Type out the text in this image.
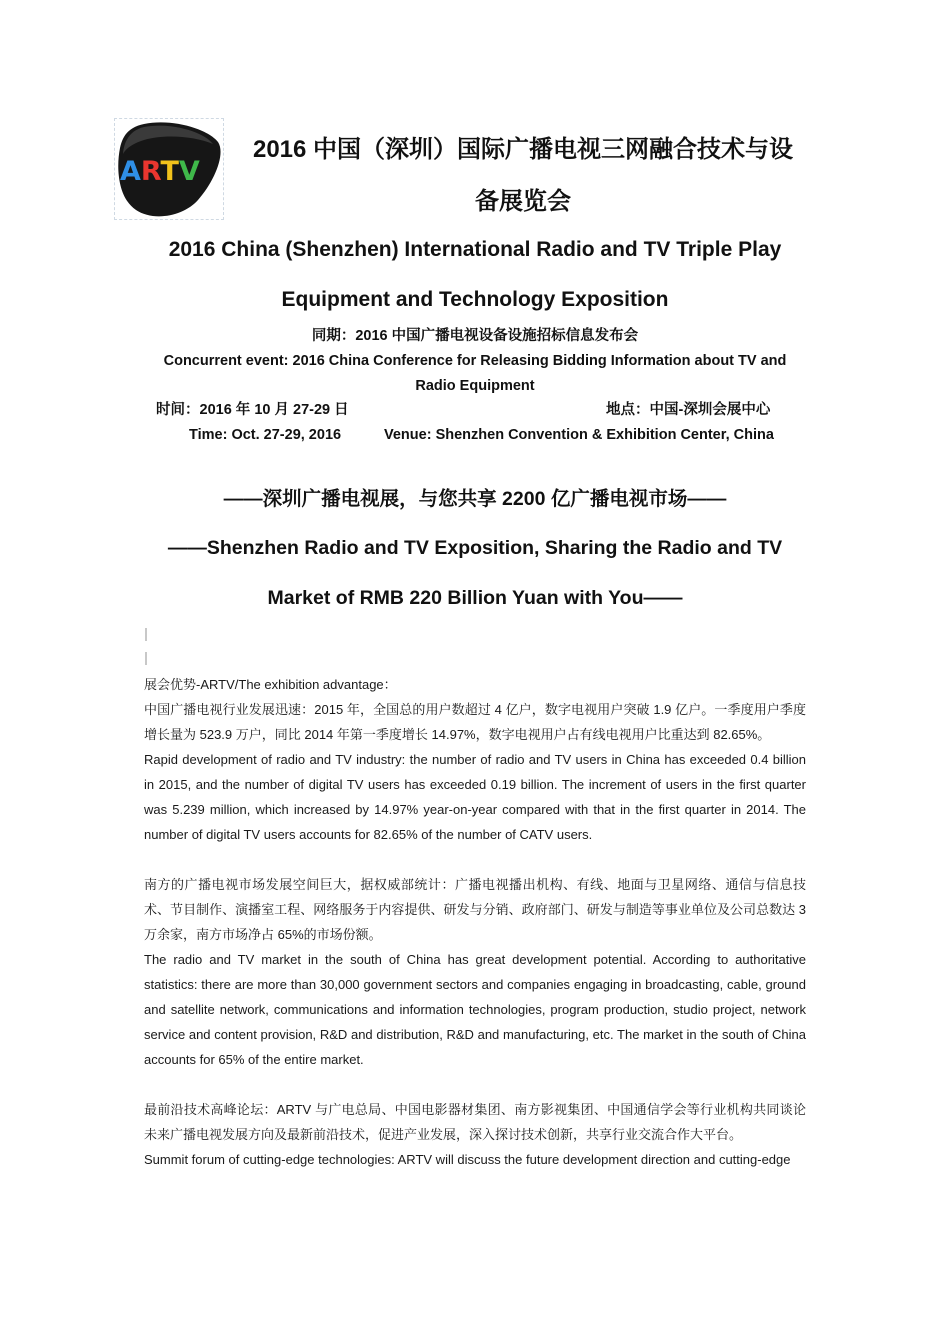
ARTV
2016 中国（深圳）国际广播电视三网融合技术与设
备展览会
2016 China (Shenzhen) International Radio and TV Triple Play
Equipment and Technology Exposition
同期：2016 中国广播电视设备设施招标信息发布会
Concurrent event: 2016 China Conference for Releasing Bidding Information about TV and
Radio Equipment
时间：2016 年 10 月 27-29 日	地点：中国-深圳会展中心
Time: Oct. 27-29, 2016	Venue: Shenzhen Convention & Exhibition Center, China
——深圳广播电视展，与您共享 2200 亿广播电视市场——
——Shenzhen Radio and TV Exposition, Sharing the Radio and TV
Market of RMB 220 Billion Yuan with You——

展会优势-ARTV/The exhibition advantage：

中国广播电视行业发展迅速：2015 年，全国总的用户数超过 4 亿户，数字电视用户突破 1.9 亿户。一季度用户季度增长量为 523.9 万户，同比 2014 年第一季度增长 14.97%，数字电视用户占有线电视用户比重达到 82.65%。

Rapid development of radio and TV industry: the number of radio and TV users in China has exceeded 0.4 billion in 2015, and the number of digital TV users has exceeded 0.19 billion. The increment of users in the first quarter was 5.239 million, which increased by 14.97% year-on-year compared with that in the first quarter in 2014. The number of digital TV users accounts for 82.65% of the number of CATV users.

南方的广播电视市场发展空间巨大，据权威部统计：广播电视播出机构、有线、地面与卫星网络、通信与信息技术、节目制作、演播室工程、网络服务于内容提供、研发与分销、政府部门、研发与制造等事业单位及公司总数达 3 万余家，南方市场净占 65%的市场份额。

The radio and TV market in the south of China has great development potential. According to authoritative statistics: there are more than 30,000 government sectors and companies engaging in broadcasting, cable, ground and satellite network, communications and information technologies, program production, studio project, network service and content provision, R&D and distribution, R&D and manufacturing, etc. The market in the south of China accounts for 65% of the entire market.

最前沿技术高峰论坛：ARTV 与广电总局、中国电影器材集团、南方影视集团、中国通信学会等行业机构共同谈论未来广播电视发展方向及最新前沿技术，促进产业发展，深入探讨技术创新，共享行业交流合作大平台。

Summit forum of cutting-edge technologies: ARTV will discuss the future development direction and cutting-edge
